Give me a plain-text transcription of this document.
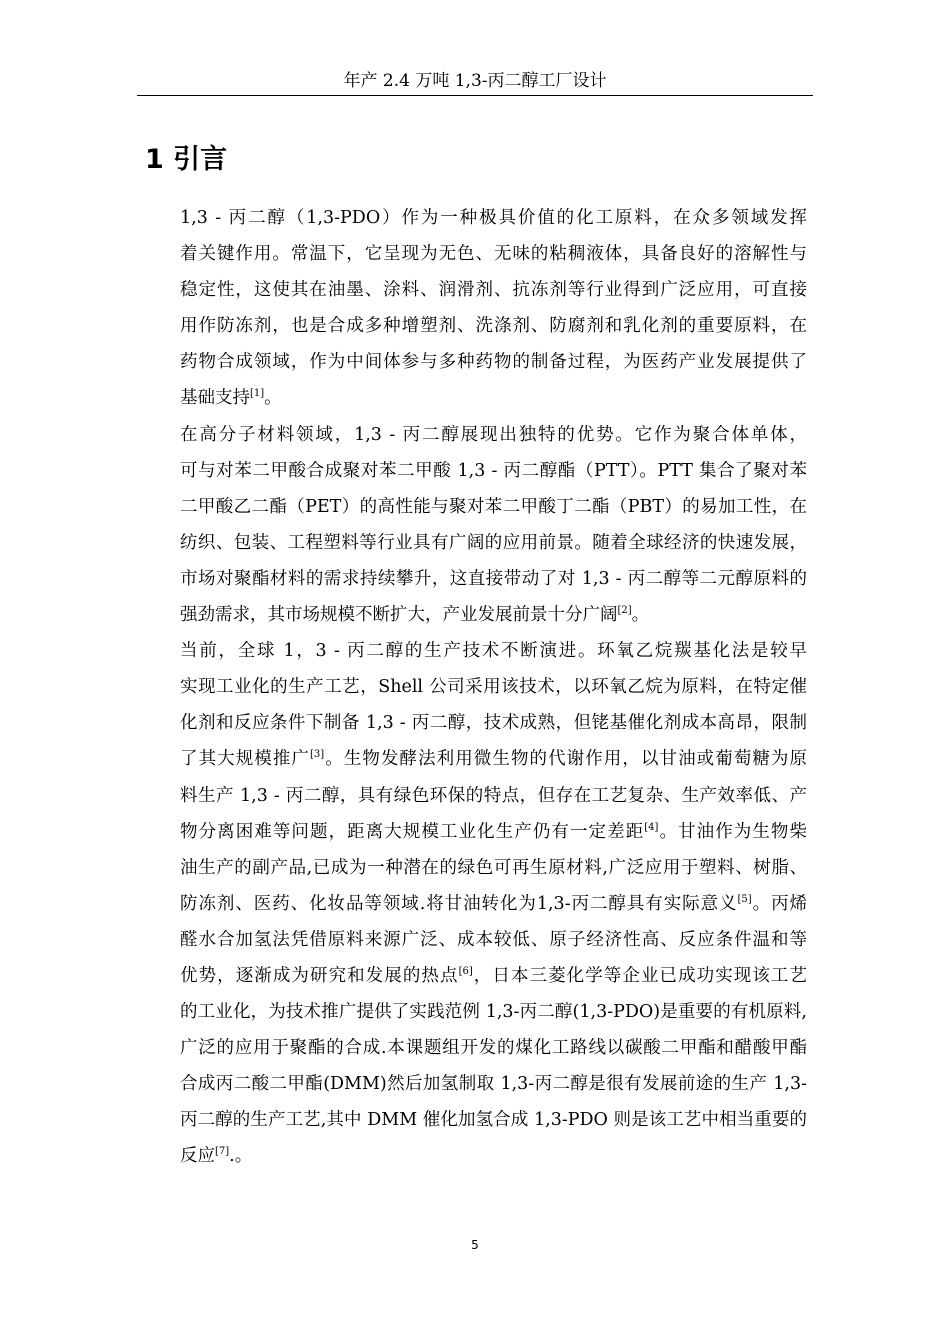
年产 2.4 万吨 1,3-丙二醇工厂设计
1 引言

1,3 - 丙二醇（1,3-PDO）作为一种极具价值的化工原料，在众多领域发挥
着关键作用。常温下，它呈现为无色、无味的粘稠液体，具备良好的溶解性与
稳定性，这使其在油墨、涂料、润滑剂、抗冻剂等行业得到广泛应用，可直接
用作防冻剂，也是合成多种增塑剂、洗涤剂、防腐剂和乳化剂的重要原料，在
药物合成领域，作为中间体参与多种药物的制备过程，为医药产业发展提供了
基础支持[1]。

在高分子材料领域，1,3 - 丙二醇展现出独特的优势。它作为聚合体单体，
可与对苯二甲酸合成聚对苯二甲酸 1,3 - 丙二醇酯（PTT）。PTT 集合了聚对苯
二甲酸乙二酯（PET）的高性能与聚对苯二甲酸丁二酯（PBT）的易加工性，在
纺织、包装、工程塑料等行业具有广阔的应用前景。随着全球经济的快速发展，
市场对聚酯材料的需求持续攀升，这直接带动了对 1,3 - 丙二醇等二元醇原料的
强劲需求，其市场规模不断扩大，产业发展前景十分广阔[2]。

当前，全球 1，3 - 丙二醇的生产技术不断演进。环氧乙烷羰基化法是较早
实现工业化的生产工艺，Shell 公司采用该技术，以环氧乙烷为原料，在特定催
化剂和反应条件下制备 1,3 - 丙二醇，技术成熟，但铑基催化剂成本高昂，限制
了其大规模推广[3]。生物发酵法利用微生物的代谢作用，以甘油或葡萄糖为原
料生产 1,3 - 丙二醇，具有绿色环保的特点，但存在工艺复杂、生产效率低、产
物分离困难等问题，距离大规模工业化生产仍有一定差距[4]。甘油作为生物柴
油生产的副产品,已成为一种潜在的绿色可再生原材料,广泛应用于塑料、树脂、
防冻剂、医药、化妆品等领域.将甘油转化为1,3-丙二醇具有实际意义[5]。丙烯
醛水合加氢法凭借原料来源广泛、成本较低、原子经济性高、反应条件温和等
优势，逐渐成为研究和发展的热点[6]，日本三菱化学等企业已成功实现该工艺
的工业化，为技术推广提供了实践范例 1,3-丙二醇(1,3-PDO)是重要的有机原料,
广泛的应用于聚酯的合成.本课题组开发的煤化工路线以碳酸二甲酯和醋酸甲酯
合成丙二酸二甲酯(DMM)然后加氢制取 1,3-丙二醇是很有发展前途的生产 1,3-
丙二醇的生产工艺,其中 DMM 催化加氢合成 1,3-PDO 则是该工艺中相当重要的
反应[7].。

5
